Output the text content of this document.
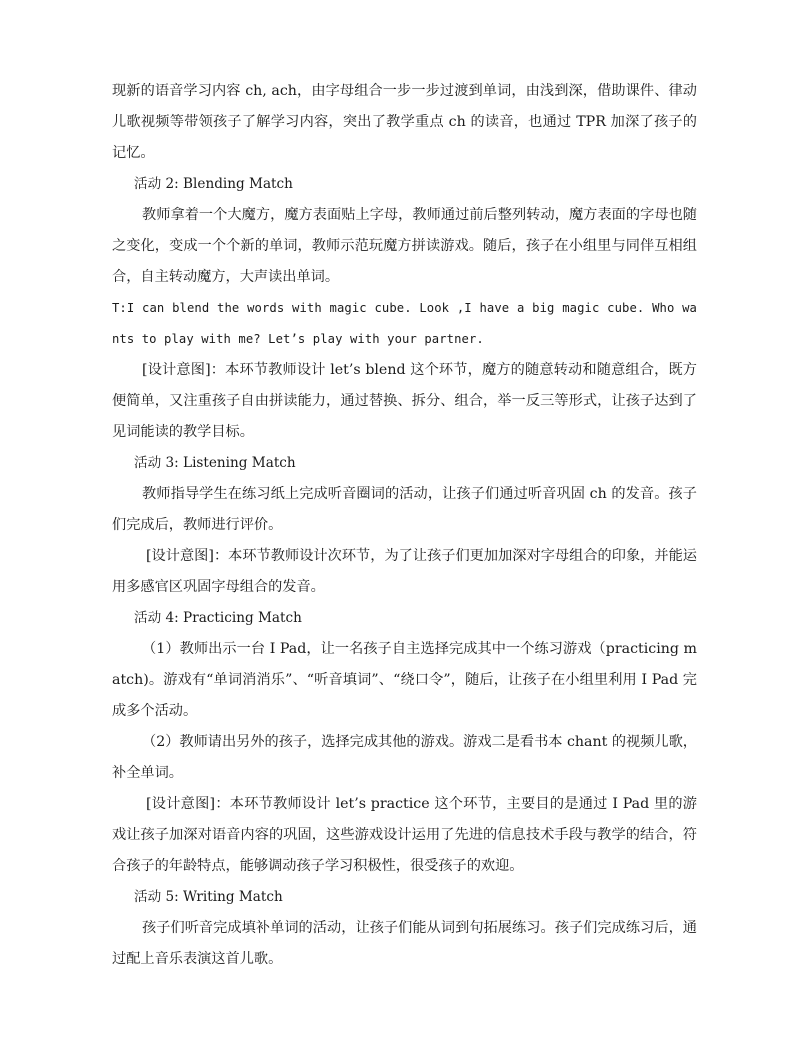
现新的语音学习内容 ch, ach，由字母组合一步一步过渡到单词，由浅到深，借助课件、律动儿歌视频等带领孩子了解学习内容，突出了教学重点 ch 的读音，也通过 TPR 加深了孩子的记忆。

活动 2: Blending Match

教师拿着一个大魔方，魔方表面贴上字母，教师通过前后整列转动，魔方表面的字母也随之变化，变成一个个新的单词，教师示范玩魔方拼读游戏。随后，孩子在小组里与同伴互相组合，自主转动魔方，大声读出单词。

T:I can blend the words with magic cube. Look ,I have a big magic cube. Who wants to play with me? Let’s play with your partner.

[设计意图]：本环节教师设计 let’s blend 这个环节，魔方的随意转动和随意组合，既方便简单，又注重孩子自由拼读能力，通过替换、拆分、组合，举一反三等形式，让孩子达到了见词能读的教学目标。

活动 3: Listening Match

教师指导学生在练习纸上完成听音圈词的活动，让孩子们通过听音巩固 ch 的发音。孩子们完成后，教师进行评价。

[设计意图]：本环节教师设计次环节，为了让孩子们更加加深对字母组合的印象，并能运用多感官区巩固字母组合的发音。

活动 4: Practicing Match

（1）教师出示一台 I Pad，让一名孩子自主选择完成其中一个练习游戏（practicing match)。游戏有“单词消消乐”、“听音填词”、“绕口令”，随后，让孩子在小组里利用 I Pad 完成多个活动。

（2）教师请出另外的孩子，选择完成其他的游戏。游戏二是看书本 chant 的视频儿歌，补全单词。

[设计意图]：本环节教师设计 let’s practice 这个环节，主要目的是通过 I Pad 里的游戏让孩子加深对语音内容的巩固，这些游戏设计运用了先进的信息技术手段与教学的结合，符合孩子的年龄特点，能够调动孩子学习积极性，很受孩子的欢迎。

活动 5: Writing Match

孩子们听音完成填补单词的活动，让孩子们能从词到句拓展练习。孩子们完成练习后，通过配上音乐表演这首儿歌。
